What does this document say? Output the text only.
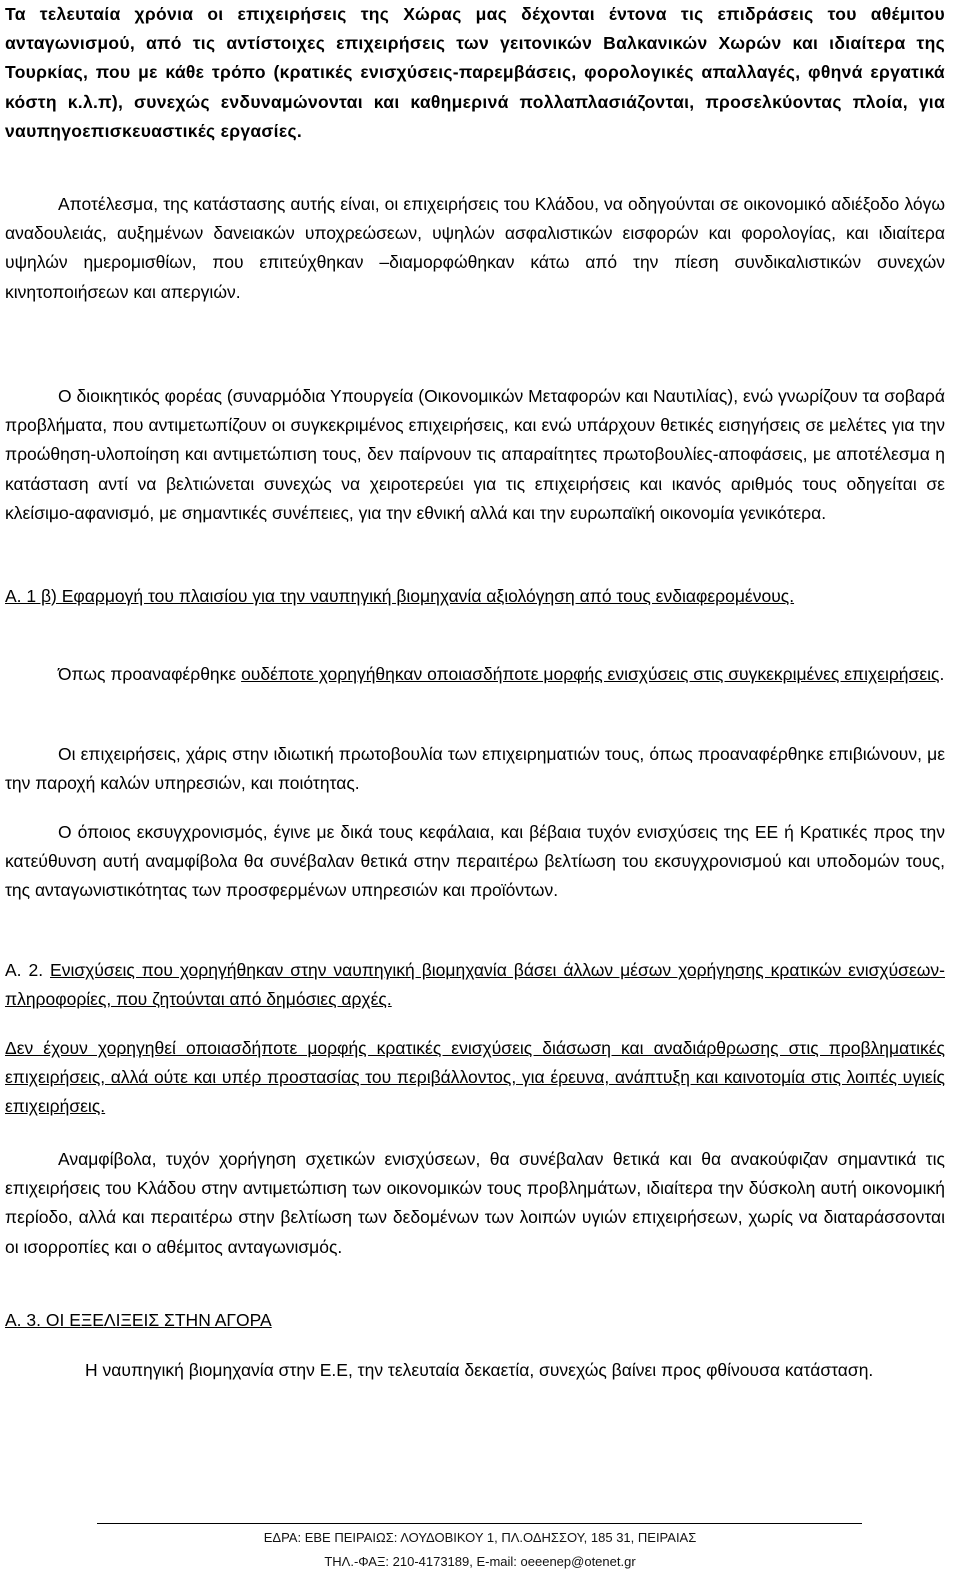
Τα τελευταία χρόνια οι επιχειρήσεις της Χώρας μας δέχονται έντονα τις επιδράσεις του αθέμιτου ανταγωνισμού, από τις αντίστοιχες επιχειρήσεις των γειτονικών Βαλκανικών Χωρών και ιδιαίτερα της Τουρκίας, που με κάθε τρόπο (κρατικές ενισχύσεις-παρεμβάσεις, φορολογικές απαλλαγές, φθηνά εργατικά κόστη κ.λ.π), συνεχώς ενδυναμώνονται και καθημερινά πολλαπλασιάζονται, προσελκύοντας πλοία, για ναυπηγοεπισκευαστικές εργασίες.

Αποτέλεσμα, της κατάστασης αυτής είναι, οι επιχειρήσεις του Κλάδου, να οδηγούνται σε οικονομικό αδιέξοδο λόγω αναδουλειάς, αυξημένων δανειακών υποχρεώσεων, υψηλών ασφαλιστικών εισφορών και φορολογίας, και ιδιαίτερα υψηλών ημερομισθίων, που επιτεύχθηκαν –διαμορφώθηκαν κάτω από την πίεση συνδικαλιστικών συνεχών κινητοποιήσεων και απεργιών.

Ο διοικητικός φορέας (συναρμόδια Υπουργεία (Οικονομικών Μεταφορών και Ναυτιλίας), ενώ γνωρίζουν τα σοβαρά προβλήματα, που αντιμετωπίζουν οι συγκεκριμένος επιχειρήσεις, και ενώ υπάρχουν θετικές εισηγήσεις σε μελέτες για την προώθηση-υλοποίηση και αντιμετώπιση τους, δεν παίρνουν τις απαραίτητες πρωτοβουλίες-αποφάσεις, με αποτέλεσμα η κατάσταση αντί να βελτιώνεται συνεχώς να χειροτερεύει για τις επιχειρήσεις και ικανός αριθμός τους οδηγείται σε κλείσιμο-αφανισμό, με σημαντικές συνέπειες, για την εθνική αλλά και την ευρωπαϊκή οικονομία γενικότερα.

Α. 1 β) Εφαρμογή του πλαισίου για την ναυπηγική βιομηχανία αξιολόγηση από τους ενδιαφερομένους.

Όπως προαναφέρθηκε ουδέποτε χορηγήθηκαν οποιασδήποτε μορφής ενισχύσεις στις συγκεκριμένες επιχειρήσεις.

Οι επιχειρήσεις, χάρις στην ιδιωτική πρωτοβουλία των επιχειρηματιών τους, όπως προαναφέρθηκε επιβιώνουν, με την παροχή καλών υπηρεσιών, και ποιότητας.

Ο όποιος εκσυγχρονισμός, έγινε με δικά τους κεφάλαια, και βέβαια τυχόν ενισχύσεις της ΕΕ ή Κρατικές προς την κατεύθυνση αυτή αναμφίβολα θα συνέβαλαν θετικά στην περαιτέρω βελτίωση του εκσυγχρονισμού και υποδομών τους, της ανταγωνιστικότητας των προσφερμένων υπηρεσιών και προϊόντων.

Α. 2. Ενισχύσεις που χορηγήθηκαν στην ναυπηγική βιομηχανία βάσει άλλων μέσων χορήγησης κρατικών ενισχύσεων-πληροφορίες, που ζητούνται από δημόσιες αρχές.

Δεν έχουν χορηγηθεί οποιασδήποτε μορφής κρατικές ενισχύσεις διάσωση και αναδιάρθρωσης στις προβληματικές επιχειρήσεις, αλλά ούτε και υπέρ προστασίας του περιβάλλοντος, για έρευνα, ανάπτυξη και καινοτομία στις λοιπές υγιείς επιχειρήσεις.

Αναμφίβολα, τυχόν χορήγηση σχετικών ενισχύσεων, θα συνέβαλαν θετικά και θα ανακούφιζαν σημαντικά τις επιχειρήσεις του Κλάδου στην αντιμετώπιση των οικονομικών τους προβλημάτων, ιδιαίτερα την δύσκολη αυτή οικονομική περίοδο, αλλά και περαιτέρω στην βελτίωση των δεδομένων των λοιπών υγιών επιχειρήσεων, χωρίς να διαταράσσονται οι ισορροπίες και ο αθέμιτος ανταγωνισμός.

Α. 3. ΟΙ ΕΞΕΛΙΞΕΙΣ ΣΤΗΝ ΑΓΟΡΑ

Η ναυπηγική βιομηχανία στην Ε.Ε, την τελευταία δεκαετία, συνεχώς βαίνει προς φθίνουσα κατάσταση.

ΕΔΡΑ: ΕΒΕ ΠΕΙΡΑΙΩΣ: ΛΟΥΔΟΒΙΚΟΥ 1, ΠΛ.ΟΔΗΣΣΟΥ, 185 31, ΠΕΙΡΑΙΑΣ
ΤΗΛ.-ΦΑΞ: 210-4173189, E-mail: oeeenep@otenet.gr
